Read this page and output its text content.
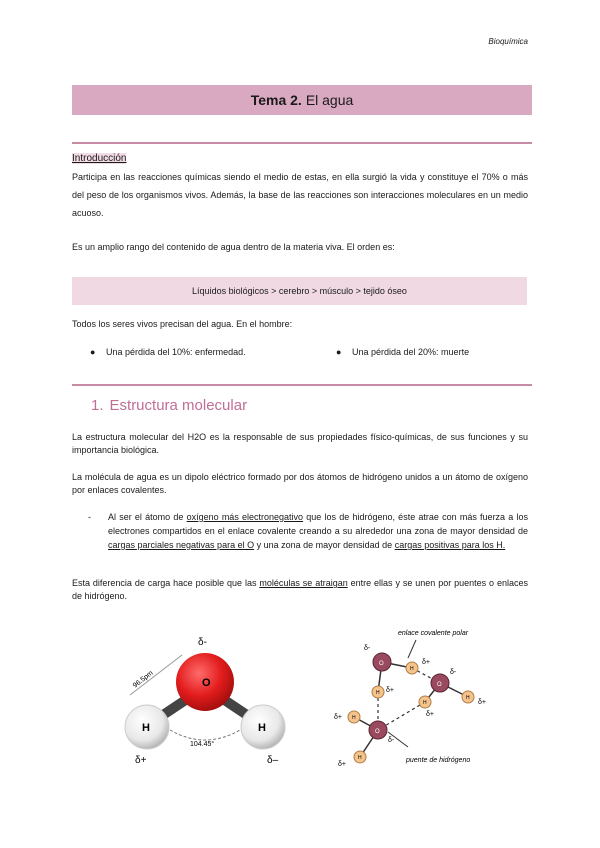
Bioquímica
Tema 2. El agua
Introducción
Participa en las reacciones químicas siendo el medio de estas, en ella surgió la vida y constituye el 70% o más del peso de los organismos vivos. Además, la base de las reacciones son interacciones moleculares en un medio acuoso.
Es un amplio rango del contenido de agua dentro de la materia viva. El orden es:
Líquidos biológicos > cerebro > músculo > tejido óseo
Todos los seres vivos precisan del agua. En el hombre:
● Una pérdida del 10%: enfermedad.	● Una pérdida del 20%: muerte
1. Estructura molecular
La estructura molecular del H2O es la responsable de sus propiedades físico-químicas, de sus funciones y su importancia biológica.
La molécula de agua es un dipolo eléctrico formado por dos átomos de hidrógeno unidos a un átomo de oxígeno por enlaces covalentes.
- Al ser el átomo de oxígeno más electronegativo que los de hidrógeno, éste atrae con más fuerza a los electrones compartidos en el enlace covalente creando a su alrededor una zona de mayor densidad de cargas parciales negativas para el O y una zona de mayor densidad de cargas positivas para los H.
Esta diferencia de carga hace posible que las moléculas se atraigan entre ellas y se unen por puentes o enlaces de hidrógeno.
O
H	H
δ-
δ+	δ–
104.45°
96.5pm
enlace covalente polar
O
O
O
H
H
H
H
H
H
δ-
δ+
δ-
δ+
δ+
δ+
δ-
δ+
δ+
puente de hidrógeno
